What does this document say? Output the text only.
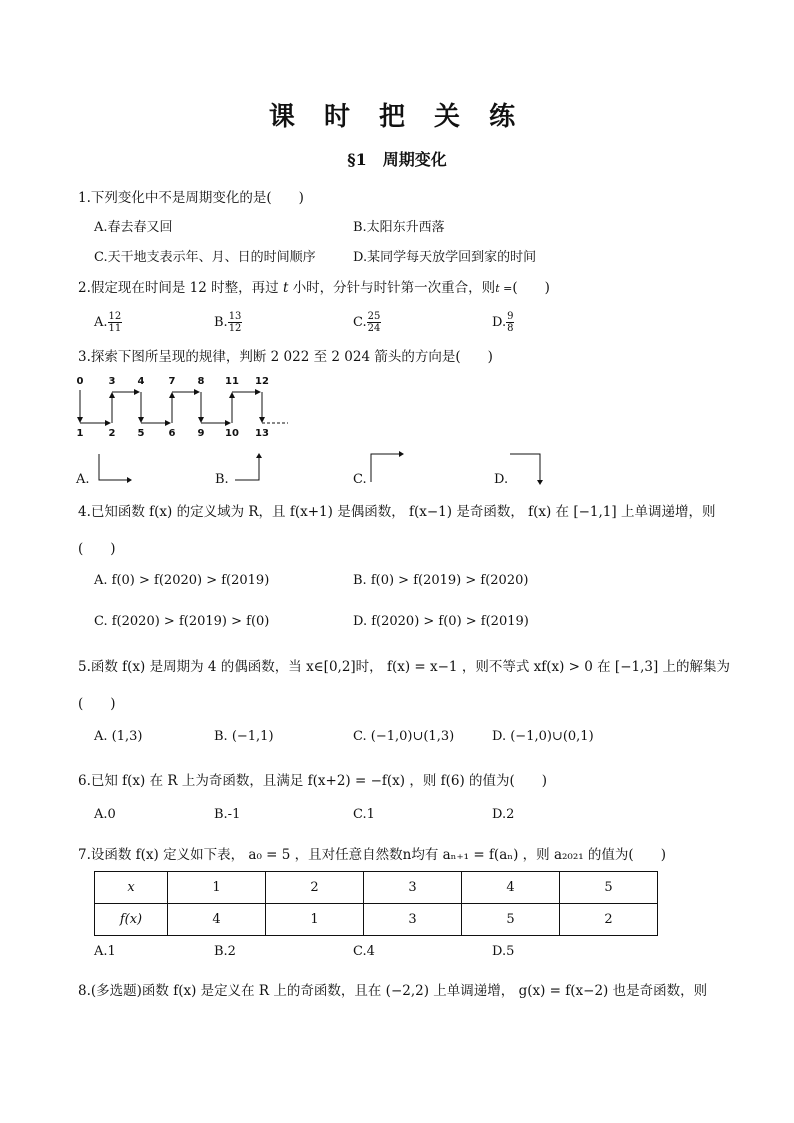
课 时 把 关 练
§1　周期变化
1.下列变化中不是周期变化的是(　　)
A.春去春又回	B.太阳东升西落
C.天干地支表示年、月、日的时间顺序	D.某同学每天放学回到家的时间
2.假定现在时间是 12 时整，再过 t 小时，分针与时针第一次重合，则t =(　　)
A. $\frac{12}{11}$	B. $\frac{13}{12}$	C. $\frac{25}{24}$	D. $\frac{9}{8}$
3.探索下图所呈现的规律，判断 2 022 至 2 024 箭头的方向是(　　)
0	3 4 7 8 11 12
1	2 5 6 9 10 13
A.	B.	C.	D.
4.已知函数 f(x) 的定义域为 R，且 f(x+1) 是偶函数， f(x−1) 是奇函数， f(x) 在 [−1,1] 上单调递增，则
(　　)
A. f(0) > f(2020) > f(2019)	B. f(0) > f(2019) > f(2020)
C. f(2020) > f(2019) > f(0)	D. f(2020) > f(0) > f(2019)
5.函数 f(x) 是周期为 4 的偶函数，当 x∈[0,2]时， f(x) = x−1 ，则不等式 xf(x) > 0 在 [−1,3] 上的解集为
(　　)
A. (1,3)	B. (−1,1)	C. (−1,0)∪(1,3)	D. (−1,0)∪(0,1)
6.已知 f(x) 在 R 上为奇函数，且满足 f(x+2) = −f(x) ，则 f(6) 的值为(　　)
A.0	B.-1	C.1	D.2
7.设函数 f(x) 定义如下表， a₀ = 5 ，且对任意自然数n均有 aₙ₊₁ = f(aₙ) ，则 a₂₀₂₁ 的值为(　　)
x	1	2	3	4	5
f(x)	4	1	3	5	2
A.1	B.2	C.4	D.5
8.(多选题)函数 f(x) 是定义在 R 上的奇函数，且在 (−2,2) 上单调递增， g(x) = f(x−2) 也是奇函数，则
